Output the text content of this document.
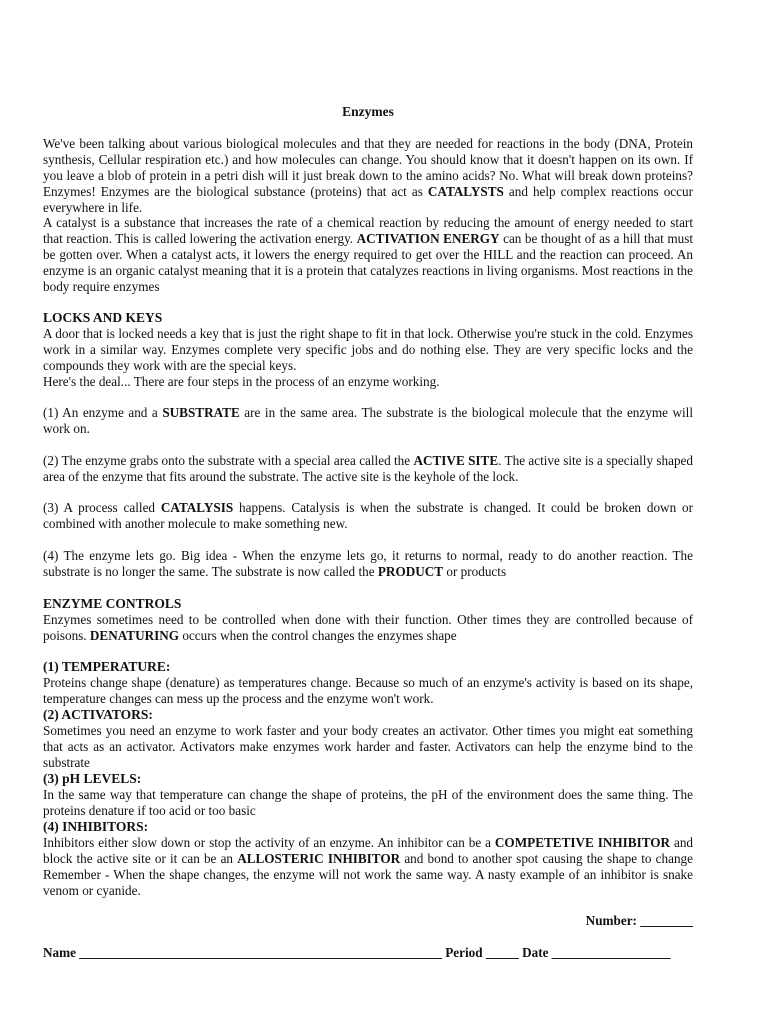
Enzymes
We've been talking about various biological molecules and that they are needed for reactions in the body (DNA, Protein synthesis, Cellular respiration etc.) and how molecules can change. You should know that it doesn't happen on its own. If you leave a blob of protein in a petri dish will it just break down to the amino acids? No. What will break down proteins? Enzymes! Enzymes are the biological substance (proteins) that act as CATALYSTS and help complex reactions occur everywhere in life.
A catalyst is a substance that increases the rate of a chemical reaction by reducing the amount of energy needed to start that reaction. This is called lowering the activation energy. ACTIVATION ENERGY can be thought of as a hill that must be gotten over. When a catalyst acts, it lowers the energy required to get over the HILL and the reaction can proceed. An enzyme is an organic catalyst meaning that it is a protein that catalyzes reactions in living organisms. Most reactions in the body require enzymes
LOCKS AND KEYS
A door that is locked needs a key that is just the right shape to fit in that lock. Otherwise you're stuck in the cold. Enzymes work in a similar way. Enzymes complete very specific jobs and do nothing else. They are very specific locks and the compounds they work with are the special keys.
Here's the deal... There are four steps in the process of an enzyme working.
(1) An enzyme and a SUBSTRATE are in the same area. The substrate is the biological molecule that the enzyme will work on.
(2) The enzyme grabs onto the substrate with a special area called the ACTIVE SITE. The active site is a specially shaped area of the enzyme that fits around the substrate. The active site is the keyhole of the lock.
(3) A process called CATALYSIS happens. Catalysis is when the substrate is changed. It could be broken down or combined with another molecule to make something new.
(4) The enzyme lets go. Big idea - When the enzyme lets go, it returns to normal, ready to do another reaction. The substrate is no longer the same. The substrate is now called the PRODUCT or products
ENZYME CONTROLS
Enzymes sometimes need to be controlled when done with their function. Other times they are controlled because of poisons. DENATURING occurs when the control changes the enzymes shape
(1) TEMPERATURE:
Proteins change shape (denature) as temperatures change. Because so much of an enzyme's activity is based on its shape, temperature changes can mess up the process and the enzyme won't work.
(2) ACTIVATORS:
Sometimes you need an enzyme to work faster and your body creates an activator. Other times you might eat something that acts as an activator. Activators make enzymes work harder and faster. Activators can help the enzyme bind to the substrate
(3) pH LEVELS:
In the same way that temperature can change the shape of proteins, the pH of the environment does the same thing. The proteins denature if too acid or too basic
(4) INHIBITORS:
Inhibitors either slow down or stop the activity of an enzyme. An inhibitor can be a COMPETETIVE INHIBITOR and block the active site or it can be an ALLOSTERIC INHIBITOR and bond to another spot causing the shape to change Remember - When the shape changes, the enzyme will not work the same way. A nasty example of an inhibitor is snake venom or cyanide.
Number: ________
Name _______________________________________________________ Period _____ Date __________________
